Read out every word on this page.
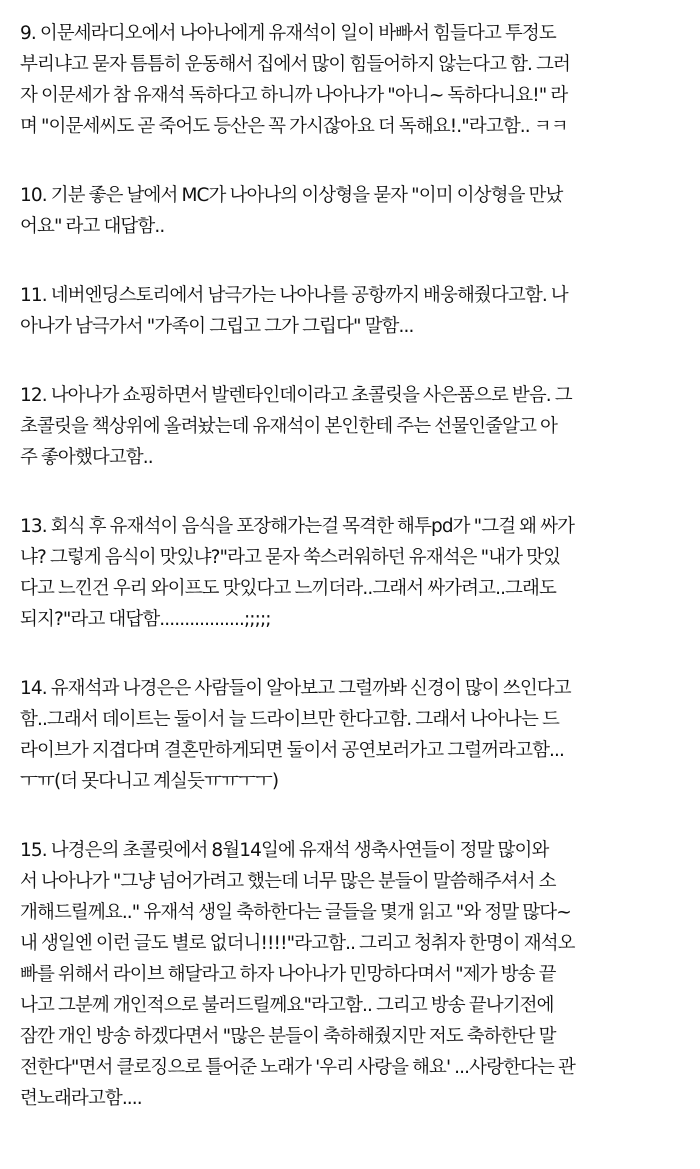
9. 이문세라디오에서 나아나에게 유재석이 일이 바빠서 힘들다고 투정도
부리냐고 묻자 틈틈히 운동해서 집에서 많이 힘들어하지 않는다고 함. 그러
자 이문세가 참 유재석 독하다고 하니까 나아나가 "아니~ 독하다니요!" 라
며 "이문세씨도 곧 죽어도 등산은 꼭 가시잖아요 더 독해요!."라고함.. ㅋㅋ
10. 기분 좋은 날에서 MC가 나아나의 이상형을 묻자 "이미 이상형을 만났
어요" 라고 대답함..
11. 네버엔딩스토리에서 남극가는 나아나를 공항까지 배웅해줬다고함. 나
아나가 남극가서 "가족이 그립고 그가 그립다" 말함...
12. 나아나가 쇼핑하면서 발렌타인데이라고 초콜릿을 사은품으로 받음. 그
초콜릿을 책상위에 올려놨는데 유재석이 본인한테 주는 선물인줄알고 아
주 좋아했다고함..
13. 회식 후 유재석이 음식을 포장해가는걸 목격한 해투pd가 "그걸 왜 싸가
냐? 그렇게 음식이 맛있냐?"라고 묻자 쑥스러워하던 유재석은 "내가 맛있
다고 느낀건 우리 와이프도 맛있다고 느끼더라..그래서 싸가려고..그래도
되지?"라고 대답함.................;;;;;
14. 유재석과 나경은은 사람들이 알아보고 그럴까봐 신경이 많이 쓰인다고
함..그래서 데이트는 둘이서 늘 드라이브만 한다고함. 그래서 나아나는 드
라이브가 지겹다며 결혼만하게되면 둘이서 공연보러가고 그럴꺼라고함...
ㅜㅠ(더 못다니고 계실듯ㅠㅠㅜㅜ)
15. 나경은의 초콜릿에서 8월14일에 유재석 생축사연들이 정말 많이와
서 나아나가 "그냥 넘어가려고 했는데 너무 많은 분들이 말씀해주셔서 소
개해드릴께요.." 유재석 생일 축하한다는 글들을 몇개 읽고 "와 정말 많다~
내 생일엔 이런 글도 별로 없더니!!!!"라고함.. 그리고 청취자 한명이 재석오
빠를 위해서 라이브 해달라고 하자 나아나가 민망하다며서 "제가 방송 끝
나고 그분께 개인적으로 불러드릴께요"라고함.. 그리고 방송 끝나기전에
잠깐 개인 방송 하겠다면서 "많은 분들이 축하해줬지만 저도 축하한단 말
전한다"면서 클로징으로 틀어준 노래가 '우리 사랑을 해요' ...사랑한다는 관
련노래라고함....
